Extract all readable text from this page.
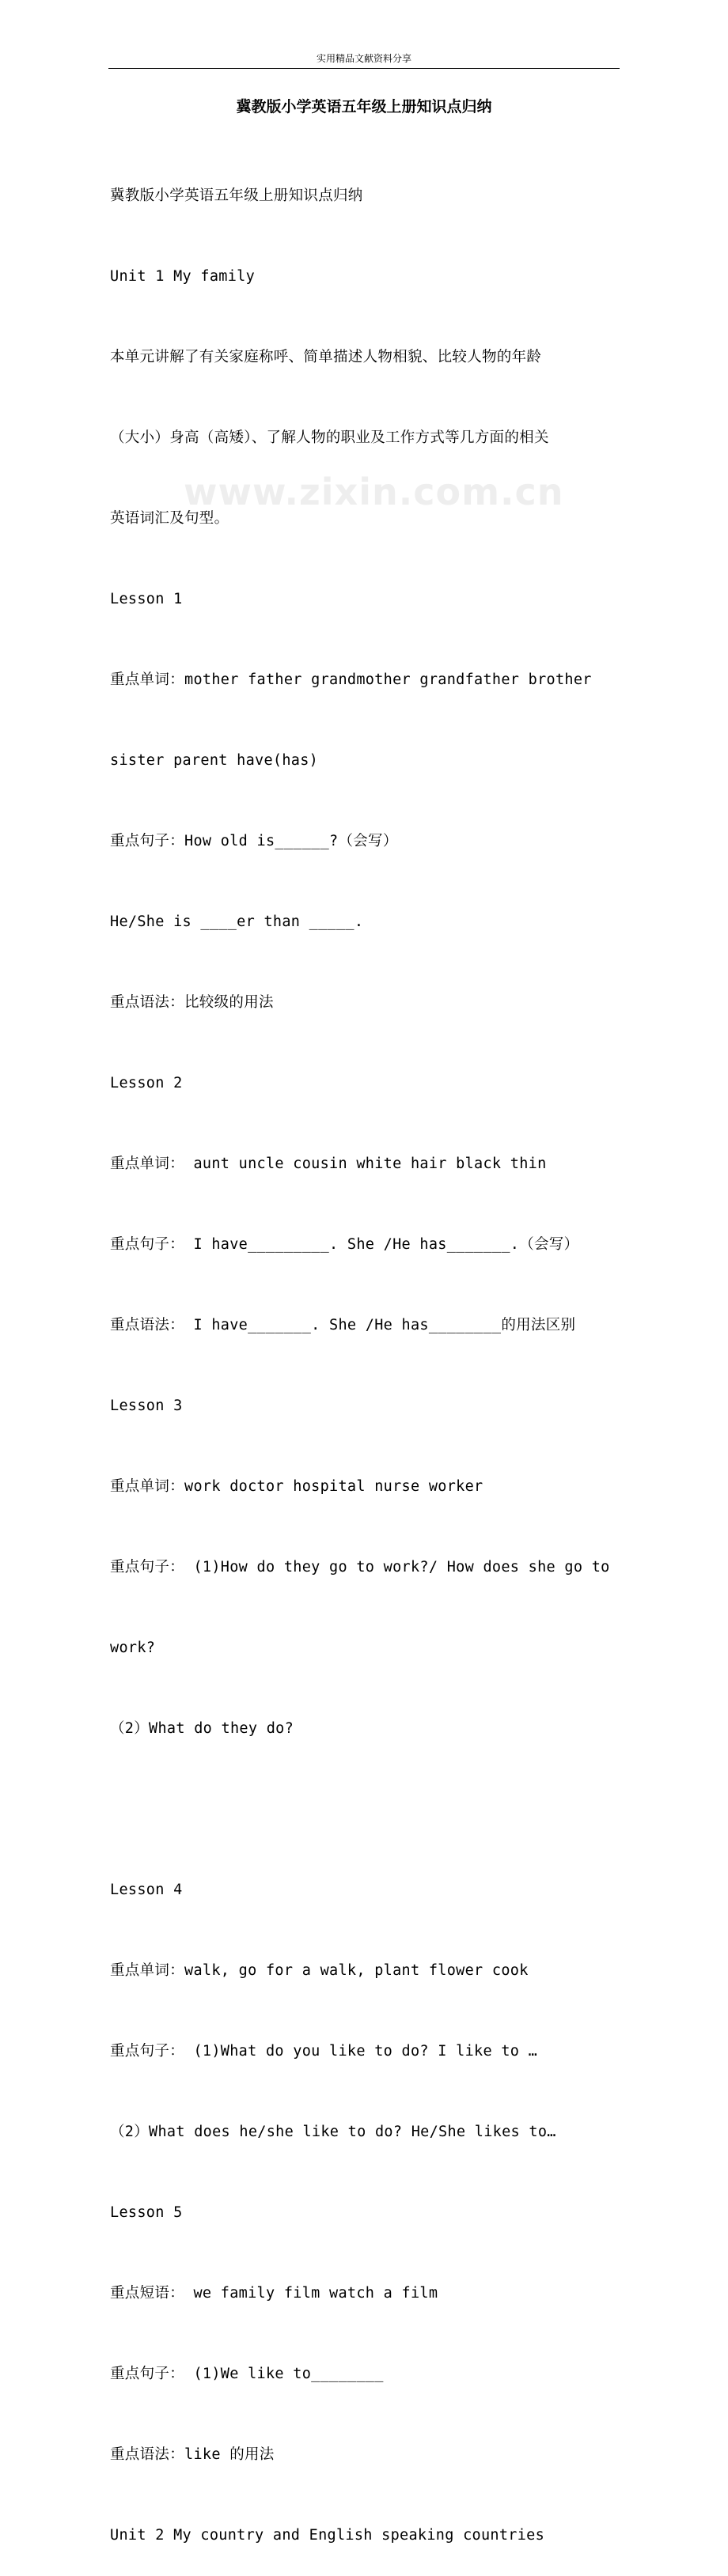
实用精品文献资料分享
冀教版小学英语五年级上册知识点归纳
www.zixin.com.cn

冀教版小学英语五年级上册知识点归纳

Unit 1 My family

本单元讲解了有关家庭称呼、简单描述人物相貌、比较人物的年龄

（大小）身高（高矮）、了解人物的职业及工作方式等几方面的相关

英语词汇及句型。

Lesson 1

重点单词：mother father grandmother grandfather brother

sister parent have(has)

重点句子：How old is______?（会写）

He/She is ____er than _____.

重点语法：比较级的用法

Lesson 2

重点单词： aunt uncle cousin white hair black thin

重点句子： I have_________. She /He has_______.（会写）

重点语法： I have_______. She /He has________的用法区别

Lesson 3

重点单词：work doctor hospital nurse worker

重点句子： (1)How do they go to work?/ How does she go to

work?

（2）What do they do?

Lesson 4

重点单词：walk, go for a walk, plant flower cook

重点句子： (1)What do you like to do? I like to …

（2）What does he/she like to do? He/She likes to…

Lesson 5

重点短语： we family film watch a film

重点句子： (1)We like to________

重点语法：like 的用法

Unit 2 My country and English speaking countries
